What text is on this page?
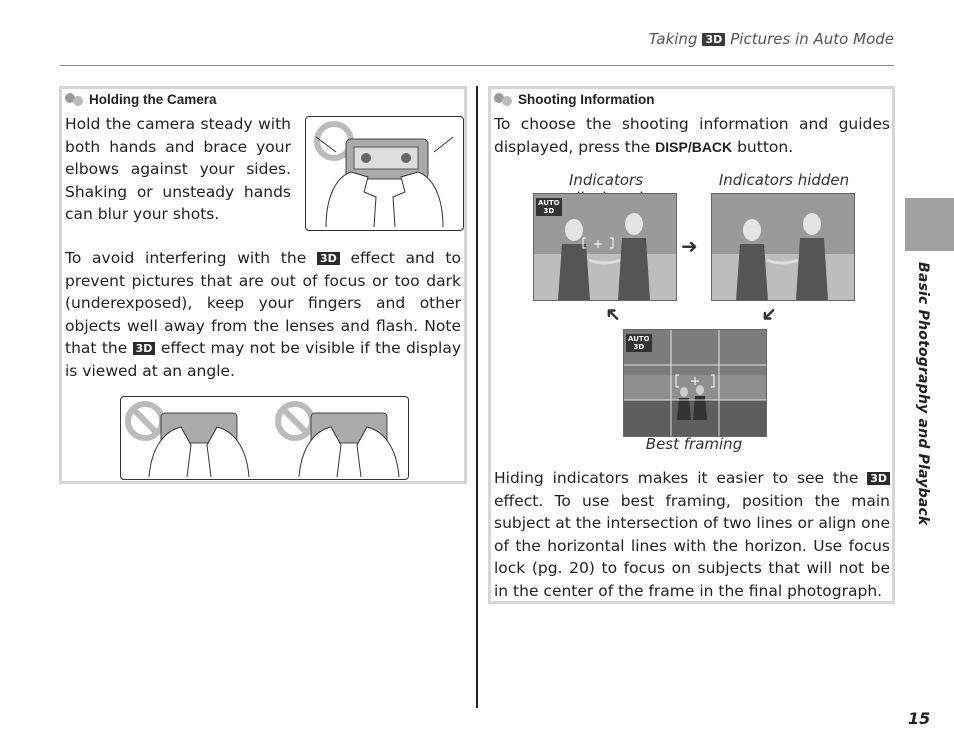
Taking 3D Pictures in Auto Mode
Basic Photography and Playback
15
Holding the Camera

Hold the camera steady with both hands and brace your elbows against your sides. Shaking or unsteady hands can blur your shots.

To avoid interfering with the 3D effect and to prevent pictures that are out of focus or too dark (underexposed), keep your fingers and other objects well away from the lenses and flash. Note that the 3D effect may not be visible if the display is viewed at an angle.

Shooting Information

To choose the shooting information and guides displayed, press the DISP/BACK button.

Indicators	Indicators hidden
AUTO
3D
➜
➜	➜
AUTO
3D
Best framing

Hiding indicators makes it easier to see the 3D effect. To use best framing, position the main subject at the intersection of two lines or align one of the horizontal lines with the horizon. Use focus lock (pg. 20) to focus on subjects that will not be in the center of the frame in the final photograph.
